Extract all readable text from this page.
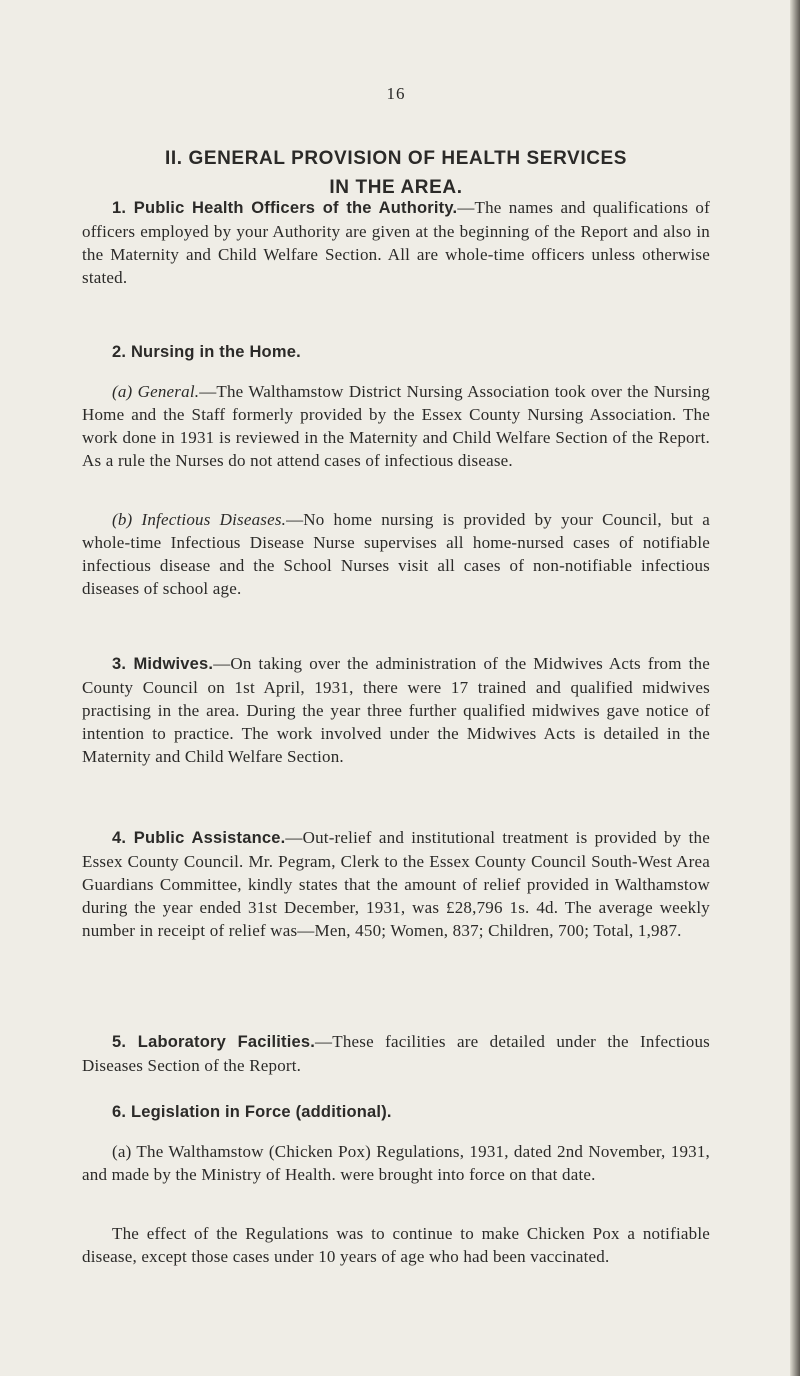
16
II. GENERAL PROVISION OF HEALTH SERVICES
IN THE AREA.

1. Public Health Officers of the Authority.—The names and qualifications of officers employed by your Authority are given at the beginning of the Report and also in the Maternity and Child Welfare Section. All are whole-time officers unless otherwise stated.

2. Nursing in the Home.

(a) General.—The Walthamstow District Nursing Association took over the Nursing Home and the Staff formerly provided by the Essex County Nursing Association. The work done in 1931 is reviewed in the Maternity and Child Welfare Section of the Report. As a rule the Nurses do not attend cases of infectious disease.

(b) Infectious Diseases.—No home nursing is provided by your Council, but a whole-time Infectious Disease Nurse supervises all home-nursed cases of notifiable infectious disease and the School Nurses visit all cases of non-notifiable infectious diseases of school age.

3. Midwives.—On taking over the administration of the Midwives Acts from the County Council on 1st April, 1931, there were 17 trained and qualified midwives practising in the area. During the year three further qualified midwives gave notice of intention to practice. The work involved under the Midwives Acts is detailed in the Maternity and Child Welfare Section.

4. Public Assistance.—Out-relief and institutional treatment is provided by the Essex County Council. Mr. Pegram, Clerk to the Essex County Council South-West Area Guardians Committee, kindly states that the amount of relief provided in Walthamstow during the year ended 31st December, 1931, was £28,796 1s. 4d. The average weekly number in receipt of relief was—Men, 450; Women, 837; Children, 700; Total, 1,987.

5. Laboratory Facilities.—These facilities are detailed under the Infectious Diseases Section of the Report.

6. Legislation in Force (additional).

(a) The Walthamstow (Chicken Pox) Regulations, 1931, dated 2nd November, 1931, and made by the Ministry of Health. were brought into force on that date.

The effect of the Regulations was to continue to make Chicken Pox a notifiable disease, except those cases under 10 years of age who had been vaccinated.
